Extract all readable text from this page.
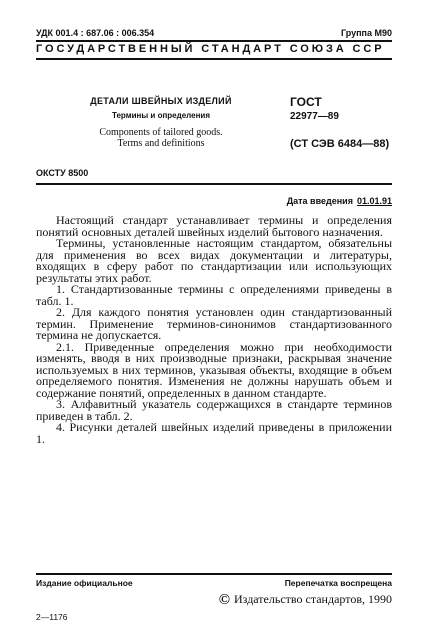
УДК 001.4 : 687.06 : 006.354	Группа М90
ГОСУДАРСТВЕННЫЙ СТАНДАРТ СОЮЗА ССР
ДЕТАЛИ ШВЕЙНЫХ ИЗДЕЛИЙ
Термины и определения
Components of tailored goods.
Terms and definitions
ГОСТ
22977—89
(СТ СЭВ 6484—88)
ОКСТУ 8500
Дата введения 01.01.91

Настоящий стандарт устанавливает термины и определения понятий основных деталей швейных изделий бытового назначения.

Термины, установленные настоящим стандартом, обязательны для применения во всех видах документации и литературы, входящих в сферу работ по стандартизации или использующих результаты этих работ.

1. Стандартизованные термины с определениями приведены в табл. 1.

2. Для каждого понятия установлен один стандартизованный термин. Применение терминов-синонимов стандартизованного термина не допускается.

2.1. Приведенные определения можно при необходимости изменять, вводя в них производные признаки, раскрывая значение используемых в них терминов, указывая объекты, входящие в объем определяемого понятия. Изменения не должны нарушать объем и содержание понятий, определенных в данном стандарте.

3. Алфавитный указатель содержащихся в стандарте терминов приведен в табл. 2.

4. Рисунки деталей швейных изделий приведены в приложении 1.

Издание официальное	Перепечатка воспрещена
© Издательство стандартов, 1990
2—1176
